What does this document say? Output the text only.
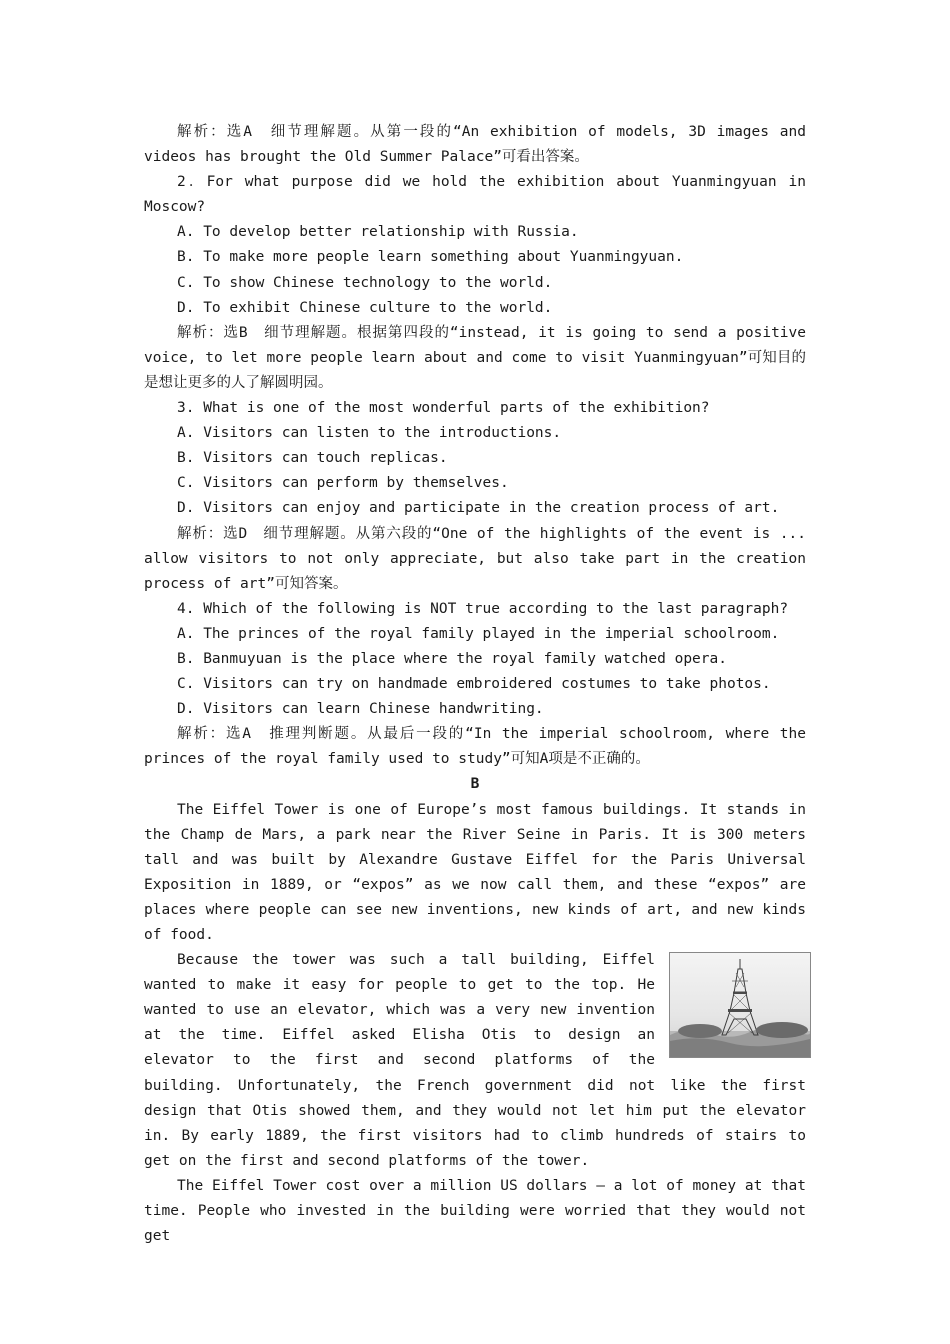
解析：选A　细节理解题。从第一段的“An exhibition of models, 3D images and videos has brought the Old Summer Palace”可看出答案。

2．For what purpose did we hold the exhibition about Yuanmingyuan in Moscow?

A. To develop better relationship with Russia.

B. To make more people learn something about Yuanmingyuan.

C. To show Chinese technology to the world.

D. To exhibit Chinese culture to the world.

解析：选B　细节理解题。根据第四段的“instead, it is going to send a positive voice, to let more people learn about and come to visit Yuanmingyuan”可知目的是想让更多的人了解圆明园。

3. What is one of the most wonderful parts of the exhibition?

A. Visitors can listen to the introductions.

B. Visitors can touch replicas.

C. Visitors can perform by themselves.

D. Visitors can enjoy and participate in the creation process of art.

解析：选D　细节理解题。从第六段的“One of the highlights of the event is ... allow visitors to not only appreciate, but also take part in the creation process of art”可知答案。

4. Which of the following is NOT true according to the last paragraph?

A. The princes of the royal family played in the imperial schoolroom.

B. Banmuyuan is the place where the royal family watched opera.

C. Visitors can try on handmade embroidered costumes to take photos.

D. Visitors can learn Chinese handwriting.

解析：选A　推理判断题。从最后一段的“In the imperial schoolroom, where the princes of the royal family used to study”可知A项是不正确的。

B

The Eiffel Tower is one of Europe’s most famous buildings. It stands in the Champ de Mars, a park near the River Seine in Paris. It is 300 meters tall and was built by Alexandre Gustave Eiffel for the Paris Universal Exposition in 1889, or “expos” as we now call them, and these “expos” are places where people can see new inventions, new kinds of art, and new kinds of food.

Because the tower was such a tall building, Eiffel wanted to make it easy for people to get to the top. He wanted to use an elevator, which was a very new invention at the time. Eiffel asked Elisha Otis to design an elevator to the first and second platforms of the building. Unfortunately, the French government did not like the first design that Otis showed them, and they would not let him put the elevator in. By early 1889, the first visitors had to climb hundreds of stairs to get on the first and second platforms of the tower.

The Eiffel Tower cost over a million US dollars — a lot of money at that time. People who invested in the building were worried that they would not get
